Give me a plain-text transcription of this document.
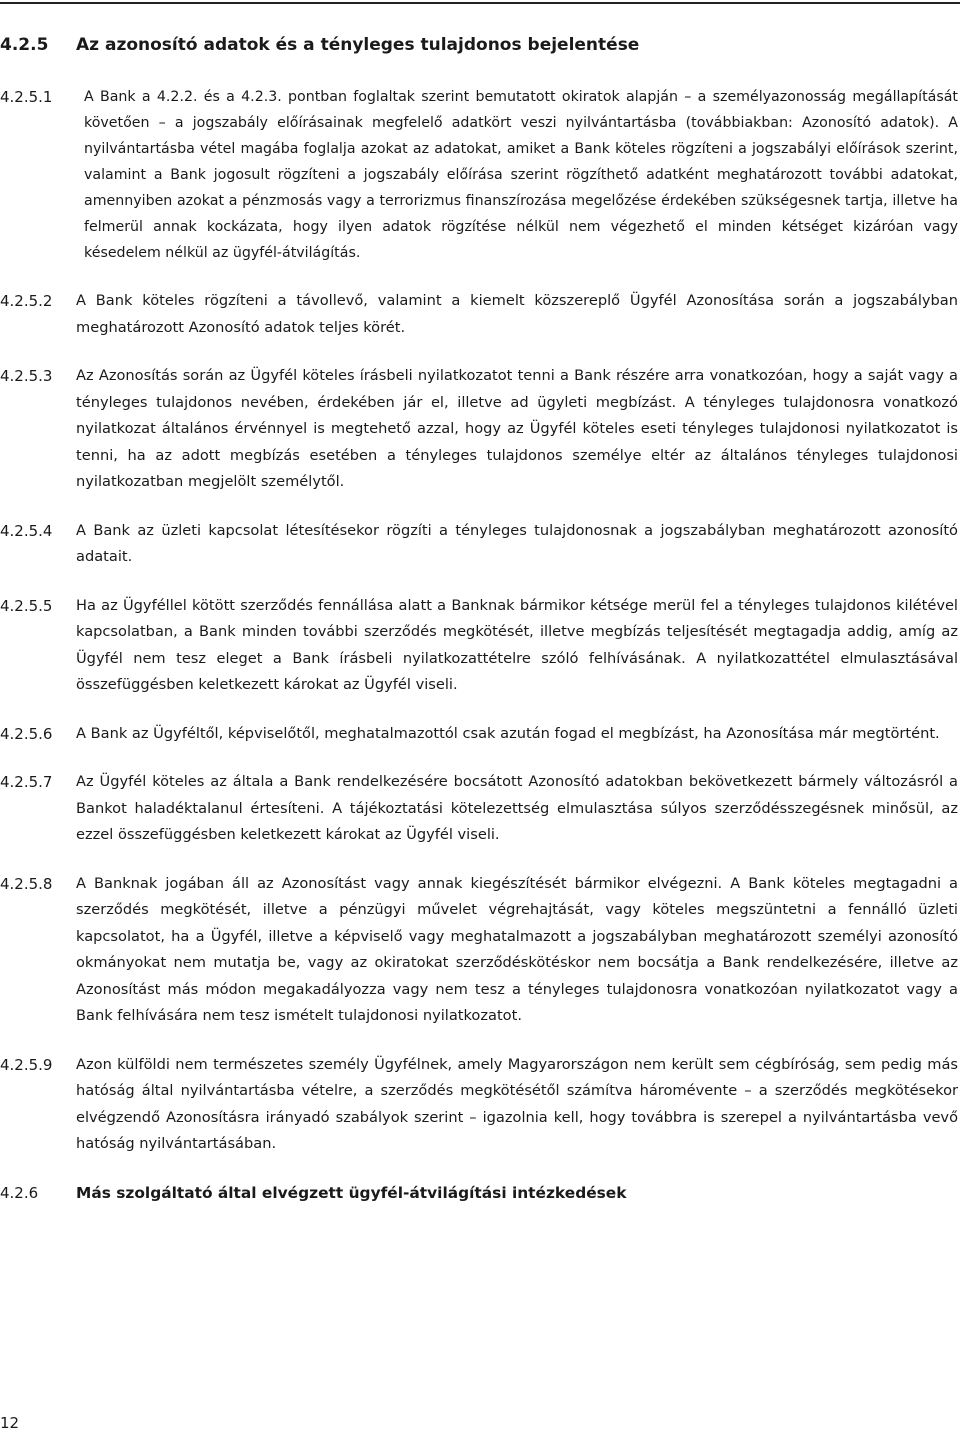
4.2.5 Az azonosító adatok és a tényleges tulajdonos bejelentése
4.2.5.1	A Bank a 4.2.2. és a 4.2.3. pontban foglaltak szerint bemutatott okiratok alapján – a személyazonosság megállapítását követően – a jogszabály előírásainak megfelelő adatkört veszi nyilvántartásba (továbbiakban: Azonosító adatok). A nyilvántartásba vétel magába foglalja azokat az adatokat, amiket a Bank köteles rögzíteni a jogszabályi előírások szerint, valamint a Bank jogosult rögzíteni a jogszabály előírása szerint rögzíthető adatként meghatározott további adatokat, amennyiben azokat a pénzmosás vagy a terrorizmus finanszírozása megelőzése érdekében szükségesnek tartja, illetve ha felmerül annak kockázata, hogy ilyen adatok rögzítése nélkül nem végezhető el minden kétséget kizáróan vagy késedelem nélkül az ügyfél-átvilágítás.
4.2.5.2	A Bank köteles rögzíteni a távollevő, valamint a kiemelt közszereplő Ügyfél Azonosítása során a jogszabályban meghatározott Azonosító adatok teljes körét.
4.2.5.3	Az Azonosítás során az Ügyfél köteles írásbeli nyilatkozatot tenni a Bank részére arra vonatkozóan, hogy a saját vagy a tényleges tulajdonos nevében, érdekében jár el, illetve ad ügyleti megbízást. A tényleges tulajdonosra vonatkozó nyilatkozat általános érvénnyel is megtehető azzal, hogy az Ügyfél köteles eseti tényleges tulajdonosi nyilatkozatot is tenni, ha az adott megbízás esetében a tényleges tulajdonos személye eltér az általános tényleges tulajdonosi nyilatkozatban megjelölt személytől.
4.2.5.4	A Bank az üzleti kapcsolat létesítésekor rögzíti a tényleges tulajdonosnak a jogszabályban meghatározott azonosító adatait.
4.2.5.5	Ha az Ügyféllel kötött szerződés fennállása alatt a Banknak bármikor kétsége merül fel a tényleges tulajdonos kilétével kapcsolatban, a Bank minden további szerződés megkötését, illetve megbízás teljesítését megtagadja addig, amíg az Ügyfél nem tesz eleget a Bank írásbeli nyilatkozattételre szóló felhívásának. A nyilatkozattétel elmulasztásával összefüggésben keletkezett károkat az Ügyfél viseli.
4.2.5.6	A Bank az Ügyféltől, képviselőtől, meghatalmazottól csak azután fogad el megbízást, ha Azonosítása már megtörtént.
4.2.5.7	Az Ügyfél köteles az általa a Bank rendelkezésére bocsátott Azonosító adatokban bekövetkezett bármely változásról a Bankot haladéktalanul értesíteni. A tájékoztatási kötelezettség elmulasztása súlyos szerződésszegésnek minősül, az ezzel összefüggésben keletkezett károkat az Ügyfél viseli.
4.2.5.8	A Banknak jogában áll az Azonosítást vagy annak kiegészítését bármikor elvégezni. A Bank köteles megtagadni a szerződés megkötését, illetve a pénzügyi művelet végrehajtását, vagy köteles megszüntetni a fennálló üzleti kapcsolatot, ha a Ügyfél, illetve a képviselő vagy meghatalmazott a jogszabályban meghatározott személyi azonosító okmányokat nem mutatja be, vagy az okiratokat szerződéskötéskor nem bocsátja a Bank rendelkezésére, illetve az Azonosítást más módon megakadályozza vagy nem tesz a tényleges tulajdonosra vonatkozóan nyilatkozatot vagy a Bank felhívására nem tesz ismételt tulajdonosi nyilatkozatot.
4.2.5.9	Azon külföldi nem természetes személy Ügyfélnek, amely Magyarországon nem került sem cégbíróság, sem pedig más hatóság által nyilvántartásba vételre, a szerződés megkötésétől számítva háromévente – a szerződés megkötésekor elvégzendő Azonosításra irányadó szabályok szerint – igazolnia kell, hogy továbbra is szerepel a nyilvántartásba vevő hatóság nyilvántartásában.
4.2.6	Más szolgáltató által elvégzett ügyfél-átvilágítási intézkedések
12
